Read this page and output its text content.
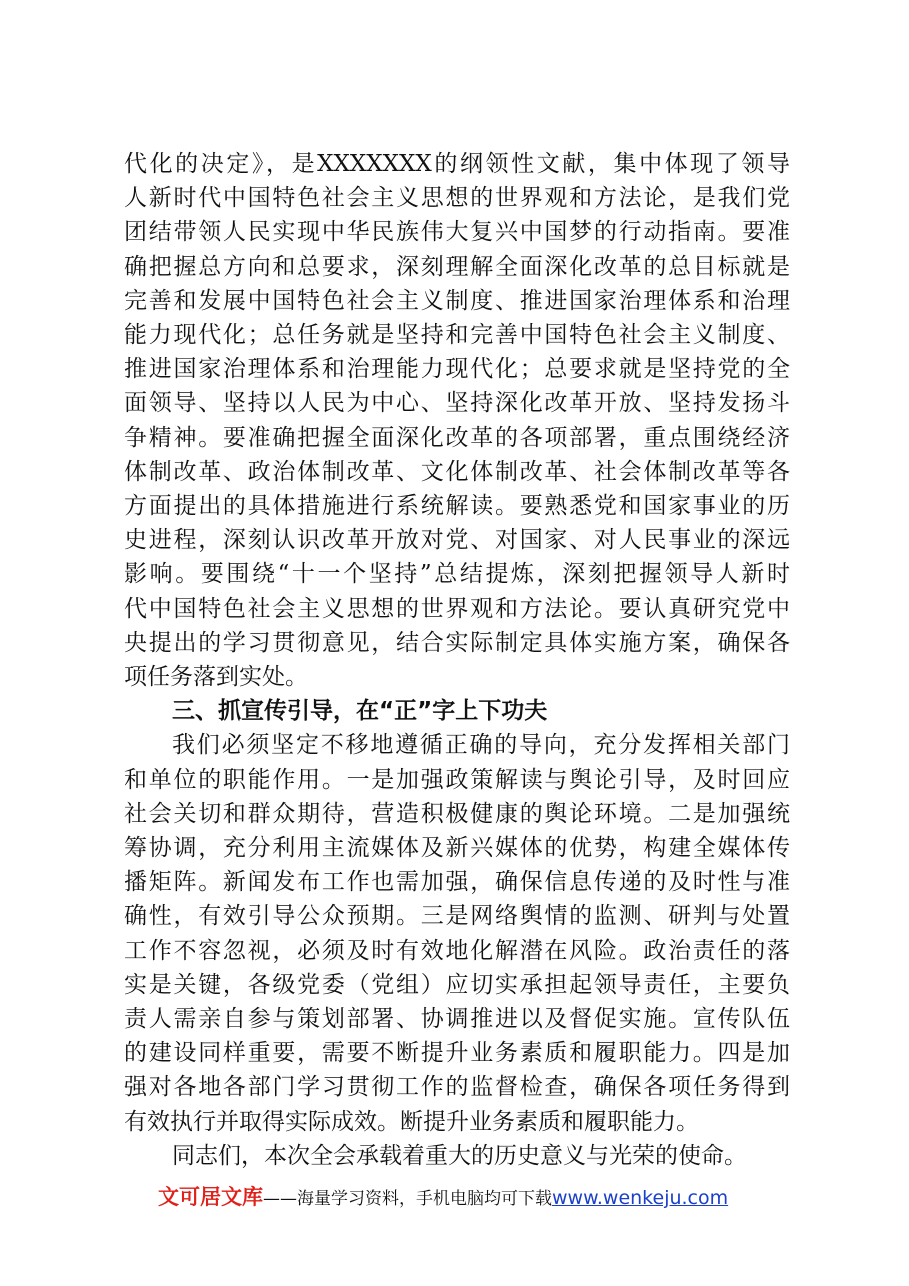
代化的决定》，是XXXXXXX的纲领性文献，集中体现了领导
人新时代中国特色社会主义思想的世界观和方法论，是我们党
团结带领人民实现中华民族伟大复兴中国梦的行动指南。要准
确把握总方向和总要求，深刻理解全面深化改革的总目标就是
完善和发展中国特色社会主义制度、推进国家治理体系和治理
能力现代化；总任务就是坚持和完善中国特色社会主义制度、
推进国家治理体系和治理能力现代化；总要求就是坚持党的全
面领导、坚持以人民为中心、坚持深化改革开放、坚持发扬斗
争精神。要准确把握全面深化改革的各项部署，重点围绕经济
体制改革、政治体制改革、文化体制改革、社会体制改革等各
方面提出的具体措施进行系统解读。要熟悉党和国家事业的历
史进程，深刻认识改革开放对党、对国家、对人民事业的深远
影响。要围绕“十一个坚持”总结提炼，深刻把握领导人新时
代中国特色社会主义思想的世界观和方法论。要认真研究党中
央提出的学习贯彻意见，结合实际制定具体实施方案，确保各
项任务落到实处。
三、抓宣传引导，在“正”字上下功夫
我们必须坚定不移地遵循正确的导向，充分发挥相关部门
和单位的职能作用。一是加强政策解读与舆论引导，及时回应
社会关切和群众期待，营造积极健康的舆论环境。二是加强统
筹协调，充分利用主流媒体及新兴媒体的优势，构建全媒体传
播矩阵。新闻发布工作也需加强，确保信息传递的及时性与准
确性，有效引导公众预期。三是网络舆情的监测、研判与处置
工作不容忽视，必须及时有效地化解潜在风险。政治责任的落
实是关键，各级党委（党组）应切实承担起领导责任，主要负
责人需亲自参与策划部署、协调推进以及督促实施。宣传队伍
的建设同样重要，需要不断提升业务素质和履职能力。四是加
强对各地各部门学习贯彻工作的监督检查，确保各项任务得到
有效执行并取得实际成效。断提升业务素质和履职能力。
同志们，本次全会承载着重大的历史意义与光荣的使命。
文可居文库——海量学习资料，手机电脑均可下载www.wenkeju.com
